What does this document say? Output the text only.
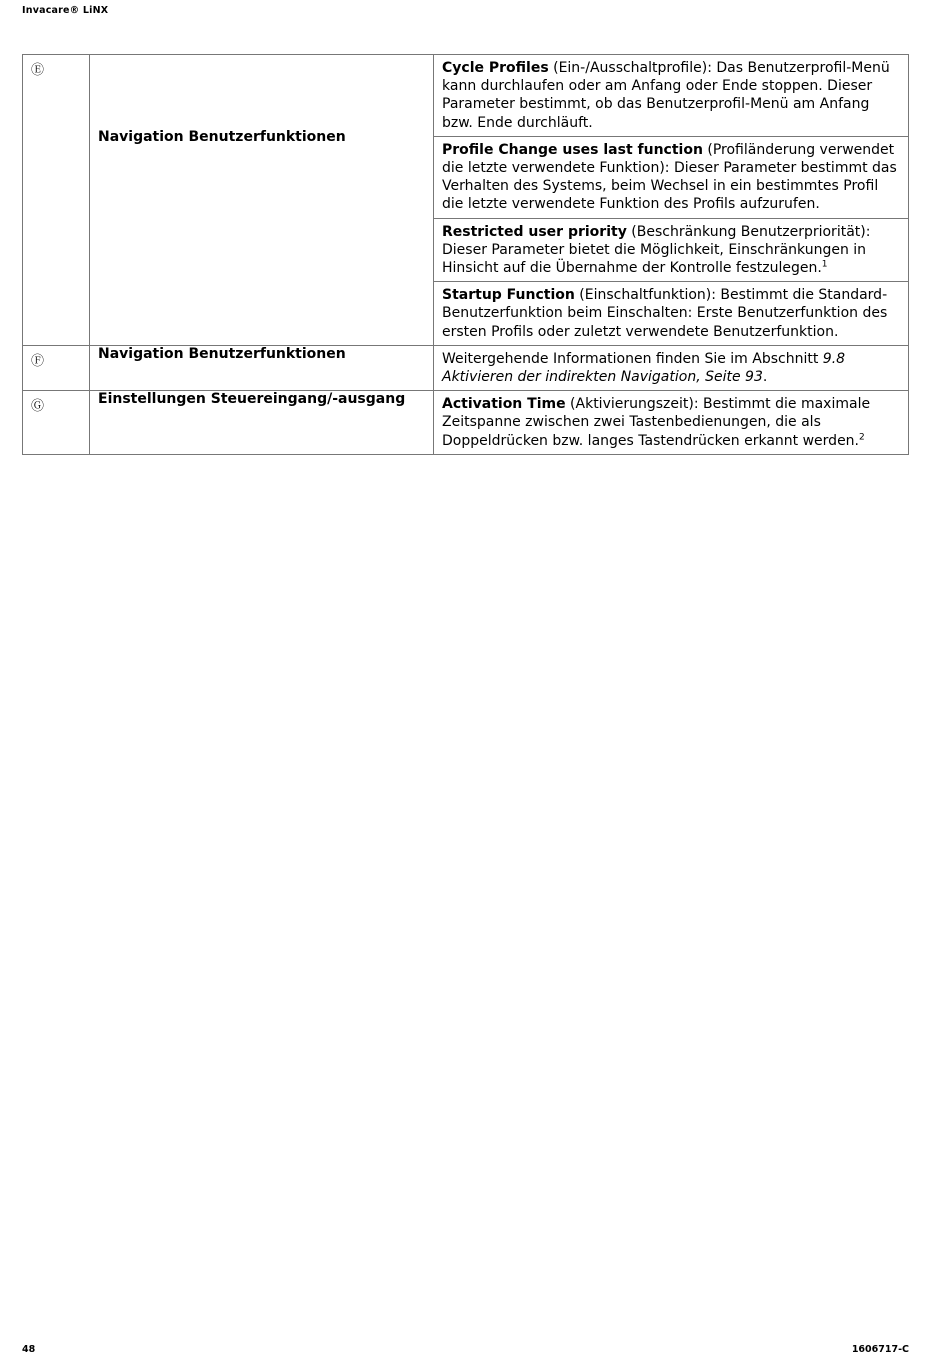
Invacare® LiNX
Ⓔ		Cycle Profiles (Ein-/Ausschaltprofile): Das Benutzerprofil-Menü kann durchlaufen oder am Anfang oder Ende stoppen. Dieser Parameter bestimmt, ob das Benutzerprofil-Menü am Anfang bzw. Ende durchläuft.

	Navigation Benutzerfunktionen	Profile Change uses last function (Profiländerung verwendet die letzte verwendete Funktion): Dieser Parameter bestimmt das Verhalten des Systems, beim Wechsel in ein bestimmtes Profil die letzte verwendete Funktion des Profils aufzurufen.
		Restricted user priority (Beschränkung Benutzerpriorität): Dieser Parameter bietet die Möglichkeit, Einschränkungen in Hinsicht auf die Übernahme der Kontrolle festzulegen.$^1$
		Startup Function (Einschaltfunktion): Bestimmt die Standard-Benutzerfunktion beim Einschalten: Erste Benutzerfunktion des ersten Profils oder zuletzt verwendete Benutzerfunktion.
Ⓕ	Navigation Benutzerfunktionen	Weitergehende Informationen finden Sie im Abschnitt 9.8 Aktivieren der indirekten Navigation, Seite 93.
Ⓖ	Einstellungen Steuereingang/-ausgang	Activation Time (Aktivierungszeit): Bestimmt die maximale Zeitspanne zwischen zwei Tastenbedienungen, die als Doppeldrücken bzw. langes Tastendrücken erkannt werden.$^2$
48	1606717-C
